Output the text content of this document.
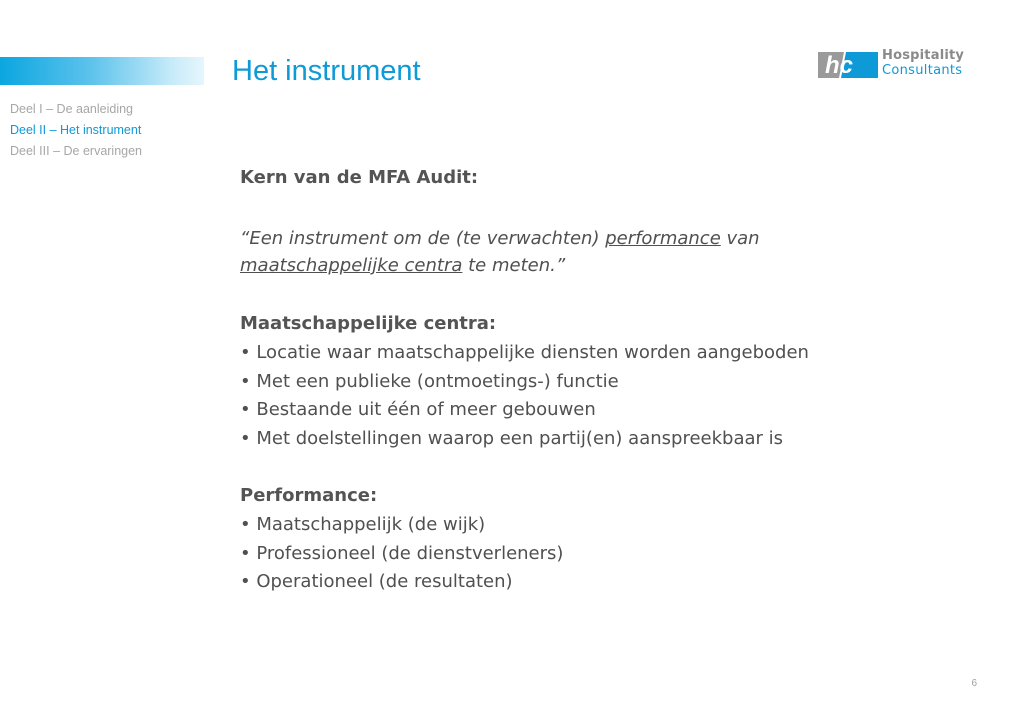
Het instrument	hc Hospitality
Consultants
Deel I – De aanleiding
Deel II – Het instrument
Deel III – De ervaringen
Kern van de MFA Audit:

“Een instrument om de (te verwachten) performance van
maatschappelijke centra te meten.”

Maatschappelijke centra:
• Locatie waar maatschappelijke diensten worden aangeboden
• Met een publieke (ontmoetings-) functie
• Bestaande uit één of meer gebouwen
• Met doelstellingen waarop een partij(en) aanspreekbaar is
Performance:
• Maatschappelijk (de wijk)
• Professioneel (de dienstverleners)
• Operationeel (de resultaten)
6
